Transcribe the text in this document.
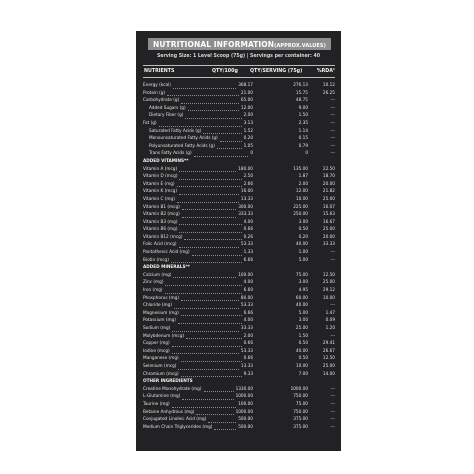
NUTRITIONAL INFORMATION(APPROX.VALUES)
Serving Size: 1 Level Scoop (75g) | Servings per container: 40
NUTRIENTS	QTY/100g QTY/SERVING (75g)	%RDA¹
Energy (kcal)	368.17	276.13	10.12
Protein (g)	21.00	15.75	26.25
Carbohydrate (g)	65.00	48.75	---
Added Sugars (g)	12.00	9.00	---
Dietary Fiber (g)	2.00	1.50	---
Fat (g)	3.13	2.35	---
Saturated Fatty Acids (g)	1.52	1.14	---
Monounsaturated Fatty Acids (g)	0.20	0.15	---
Polyunsaturated Fatty Acids (g)	1.05	0.79	---
Trans Fatty Acids (g)	0	0	---
ADDED VITAMINS**
Vitamin A (mcg)	180.00	135.00	22.50
Vitamin D (mcg)	2.50	1.87	18.70
Vitamin E (mg)	2.66	2.00	20.00
Vitamin K (mcg)	16.00	12.00	21.82
Vitamin C (mg)	13.33	10.00	25.00
Vitamin B1 (mcg)	300.00	225.00	16.07
Vitamin B2 (mcg)	333.33	250.00	15.63
Vitamin B3 (mg)	4.00	3.00	16.67
Vitamin B6 (mg)	0.66	0.50	25.00
Vitamin B12 (mcg)	0.26	0.20	20.00
Folic Acid (mcg)	53.33	40.00	33.33
Pantothenic Acid (mg)	1.33	1.00	---
Biotin (mcg)	6.66	5.00	---
ADDED MINERALS**
Calcium (mg)	100.00	75.00	12.50
Zinc (mg)	4.00	3.00	25.00
Iron (mg)	6.60	4.95	29.12
Phosphorus (mg)	80.00	60.00	10.00
Chloride (mg)	53.33	40.00	---
Magnesium (mg)	6.66	5.00	1.47
Potassium (mg)	4.00	3.00	0.09
Sodium (mg)	33.33	25.00	1.20
Molybdenum (mcg)	2.00	1.50	---
Copper (mg)	0.66	0.50	29.41
Iodine (mcg)	53.33	40.00	26.67
Manganese (mg)	0.66	0.50	12.50
Selenium (mcg)	13.33	10.00	25.00
Chromium (mcg)	9.33	7.00	14.00
OTHER INGREDIENTS
Creatine Monohydrate (mg)	1330.00	1000.00	---
L-Glutamine (mg)	1000.00	750.00	---
Taurine (mg)	100.00	75.00	---
Betaine Anhydrous (mg)	1000.00	750.00	---
Conjugated Linoleic Acid (mg)	500.00	375.00	---
Medium Chain Triglycerides (mg)	500.00	375.00	---
